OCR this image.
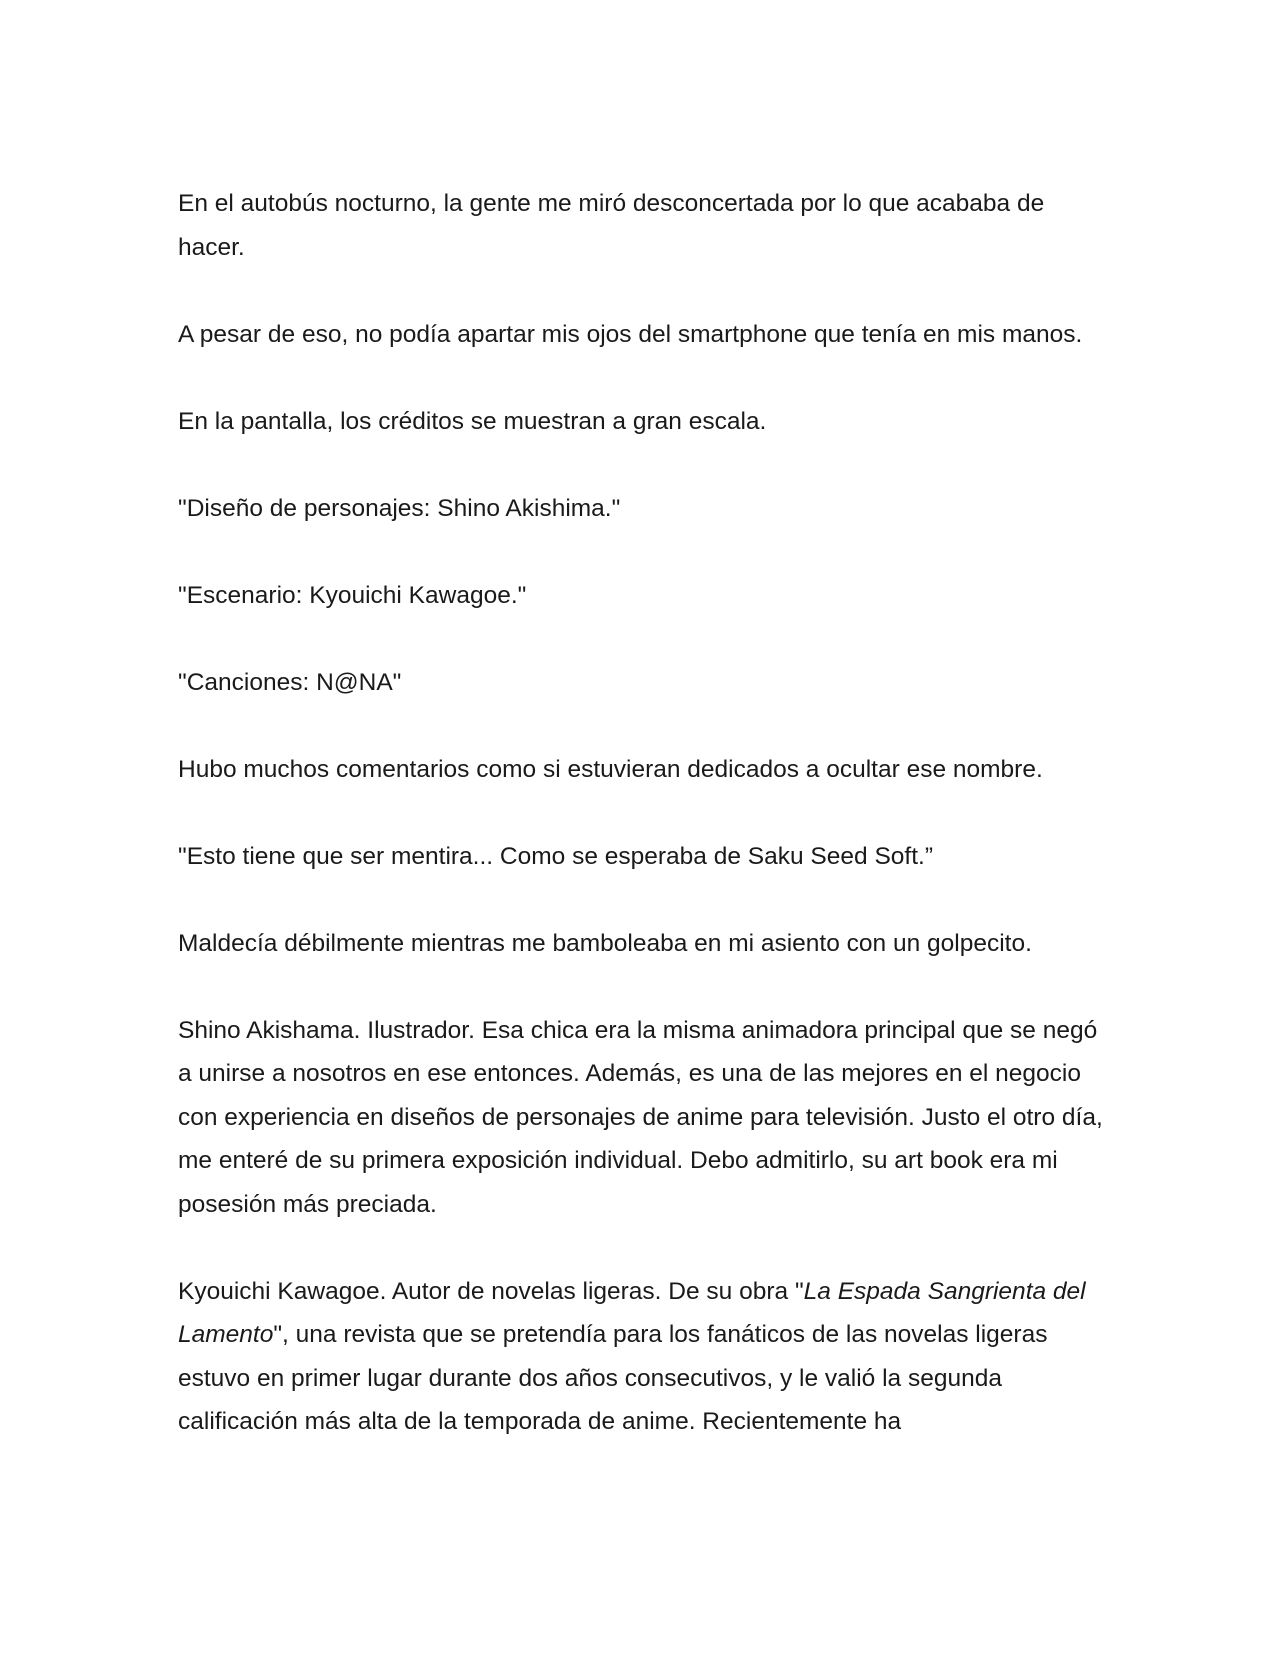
En el autobús nocturno, la gente me miró desconcertada por lo que acababa de hacer.

A pesar de eso, no podía apartar mis ojos del smartphone que tenía en mis manos.

En la pantalla, los créditos se muestran a gran escala.

"Diseño de personajes: Shino Akishima."

"Escenario: Kyouichi Kawagoe."

"Canciones: N@NA"

Hubo muchos comentarios como si estuvieran dedicados a ocultar ese nombre.

"Esto tiene que ser mentira... Como se esperaba de Saku Seed Soft.”

Maldecía débilmente mientras me bamboleaba en mi asiento con un golpecito.

Shino Akishama. Ilustrador. Esa chica era la misma animadora principal que se negó a unirse a nosotros en ese entonces. Además, es una de las mejores en el negocio con experiencia en diseños de personajes de anime para televisión. Justo el otro día, me enteré de su primera exposición individual. Debo admitirlo, su art book era mi posesión más preciada.

Kyouichi Kawagoe. Autor de novelas ligeras. De su obra "La Espada Sangrienta del Lamento", una revista que se pretendía para los fanáticos de las novelas ligeras estuvo en primer lugar durante dos años consecutivos, y le valió la segunda calificación más alta de la temporada de anime. Recientemente ha
